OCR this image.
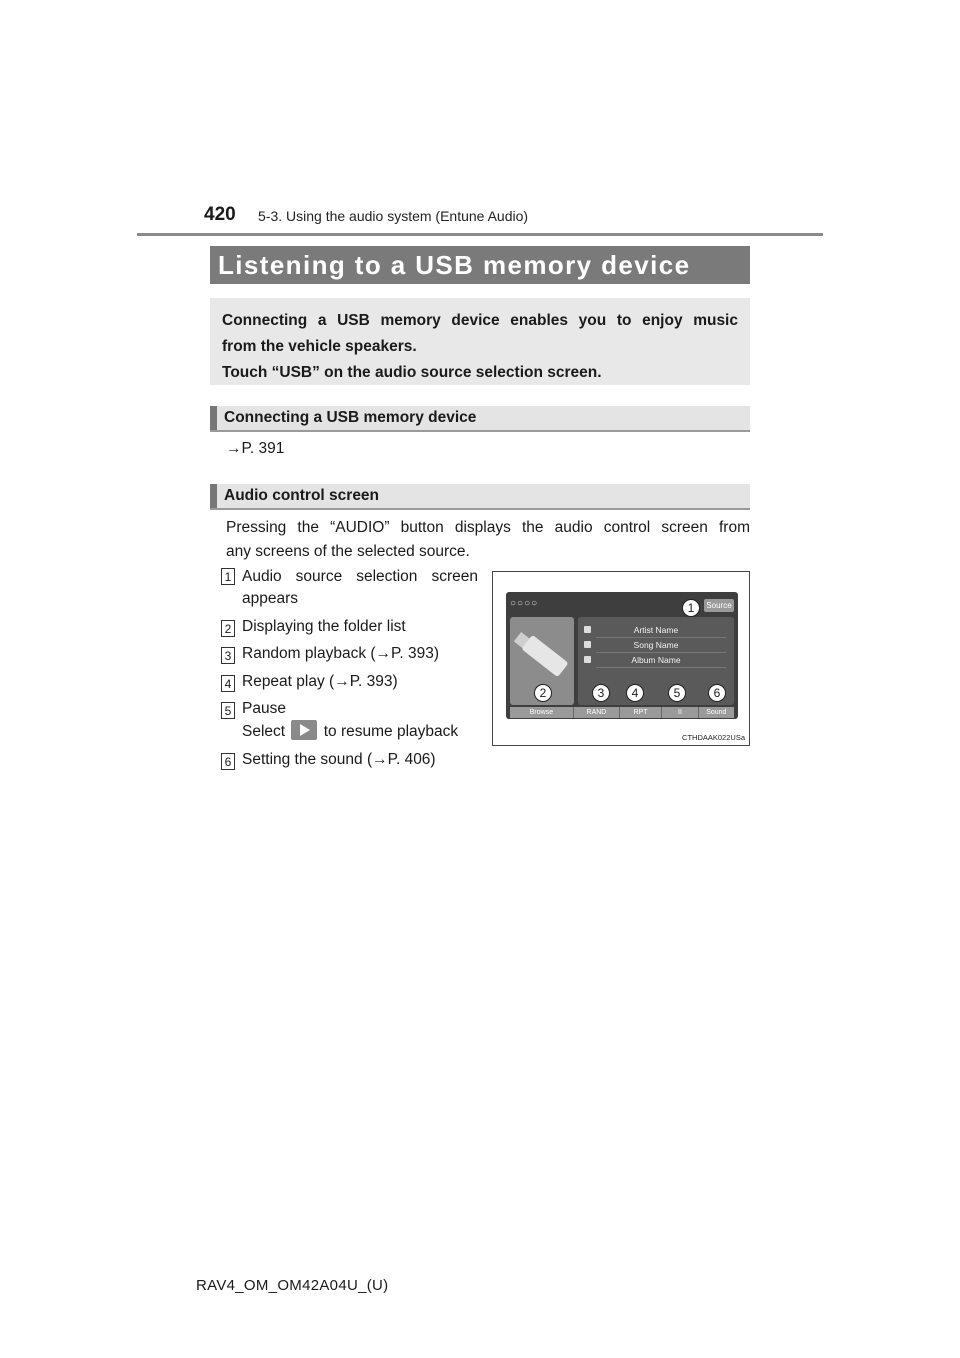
420 5-3. Using the audio system (Entune Audio)
Listening to a USB memory device

Connecting a USB memory device enables you to enjoy music

from the vehicle speakers.

Touch “USB” on the audio source selection screen.

Connecting a USB memory device
→P. 391
Audio control screen
Pressing the “AUDIO” button displays the audio control screen from
any screens of the selected source.
1 Audio source selection screen
appears
2 Displaying the folder list
3 Random playback (→P. 393)
4 Repeat play (→P. 393)
5 Pause
Select to resume playback
6 Setting the sound (→P. 406)
○○○○	Source
Artist Name
Song Name
Album Name
Browse	RAND	RPT	II	Sound
1
2	3	4	5	6
CTHDAAK022USa
RAV4_OM_OM42A04U_(U)
